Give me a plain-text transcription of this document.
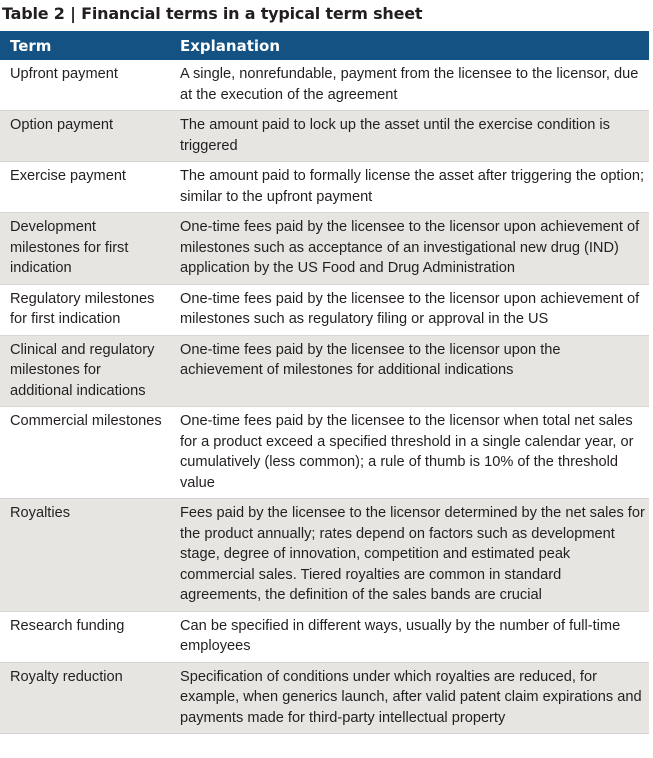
Table 2 | Financial terms in a typical term sheet
Term	Explanation
Upfront payment	A single, nonrefundable, payment from the licensee to the licensor, due at the execution of the agreement
Option payment	The amount paid to lock up the asset until the exercise condition is triggered
Exercise payment	The amount paid to formally license the asset after triggering the option; similar to the upfront payment
Development milestones for first indication	One-time fees paid by the licensee to the licensor upon achievement of milestones such as acceptance of an investigational new drug (IND) application by the US Food and Drug Administration
Regulatory milestones for first indication	One-time fees paid by the licensee to the licensor upon achievement of milestones such as regulatory filing or approval in the US
Clinical and regulatory milestones for additional indications	One-time fees paid by the licensee to the licensor upon the achievement of milestones for additional indications
Commercial milestones	One-time fees paid by the licensee to the licensor when total net sales for a product exceed a specified threshold in a single calendar year, or cumulatively (less common); a rule of thumb is 10% of the threshold value
Royalties	Fees paid by the licensee to the licensor determined by the net sales for the product annually; rates depend on factors such as development stage, degree of innovation, competition and estimated peak commercial sales. Tiered royalties are common in standard agreements, the definition of the sales bands are crucial
Research funding	Can be specified in different ways, usually by the number of full-time employees
Royalty reduction	Specification of conditions under which royalties are reduced, for example, when generics launch, after valid patent claim expirations and payments made for third-party intellectual property
